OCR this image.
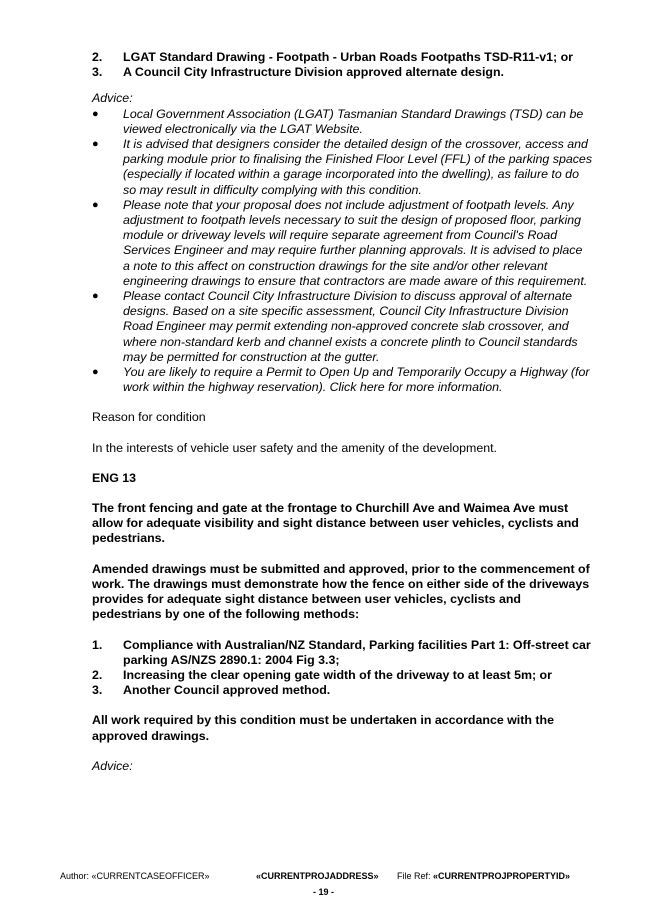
2.	LGAT Standard Drawing - Footpath - Urban Roads Footpaths TSD-R11-v1; or
3.	A Council City Infrastructure Division approved alternate design.
Advice:
●	Local Government Association (LGAT) Tasmanian Standard Drawings (TSD) can be viewed electronically via the LGAT Website.
●	It is advised that designers consider the detailed design of the crossover, access and parking module prior to finalising the Finished Floor Level (FFL) of the parking spaces (especially if located within a garage incorporated into the dwelling), as failure to do so may result in difficulty complying with this condition.
●	Please note that your proposal does not include adjustment of footpath levels. Any adjustment to footpath levels necessary to suit the design of proposed floor, parking module or driveway levels will require separate agreement from Council's Road Services Engineer and may require further planning approvals. It is advised to place a note to this affect on construction drawings for the site and/or other relevant engineering drawings to ensure that contractors are made aware of this requirement.
●	Please contact Council City Infrastructure Division to discuss approval of alternate designs. Based on a site specific assessment, Council City Infrastructure Division Road Engineer may permit extending non-approved concrete slab crossover, and where non-standard kerb and channel exists a concrete plinth to Council standards may be permitted for construction at the gutter.
●	You are likely to require a Permit to Open Up and Temporarily Occupy a Highway (for work within the highway reservation). Click here for more information.
Reason for condition
In the interests of vehicle user safety and the amenity of the development.
ENG 13
The front fencing and gate at the frontage to Churchill Ave and Waimea Ave must allow for adequate visibility and sight distance between user vehicles, cyclists and pedestrians.
Amended drawings must be submitted and approved, prior to the commencement of work. The drawings must demonstrate how the fence on either side of the driveways provides for adequate sight distance between user vehicles, cyclists and pedestrians by one of the following methods:
1.	Compliance with Australian/NZ Standard, Parking facilities Part 1: Off-street car parking AS/NZS 2890.1: 2004 Fig 3.3;
2.	Increasing the clear opening gate width of the driveway to at least 5m; or
3.	Another Council approved method.
All work required by this condition must be undertaken in accordance with the approved drawings.
Advice:
Author: «CURRENTCASEOFFICER»	«CURRENTPROJADDRESS» File Ref: «CURRENTPROJPROPERTYID»
- 19 -
